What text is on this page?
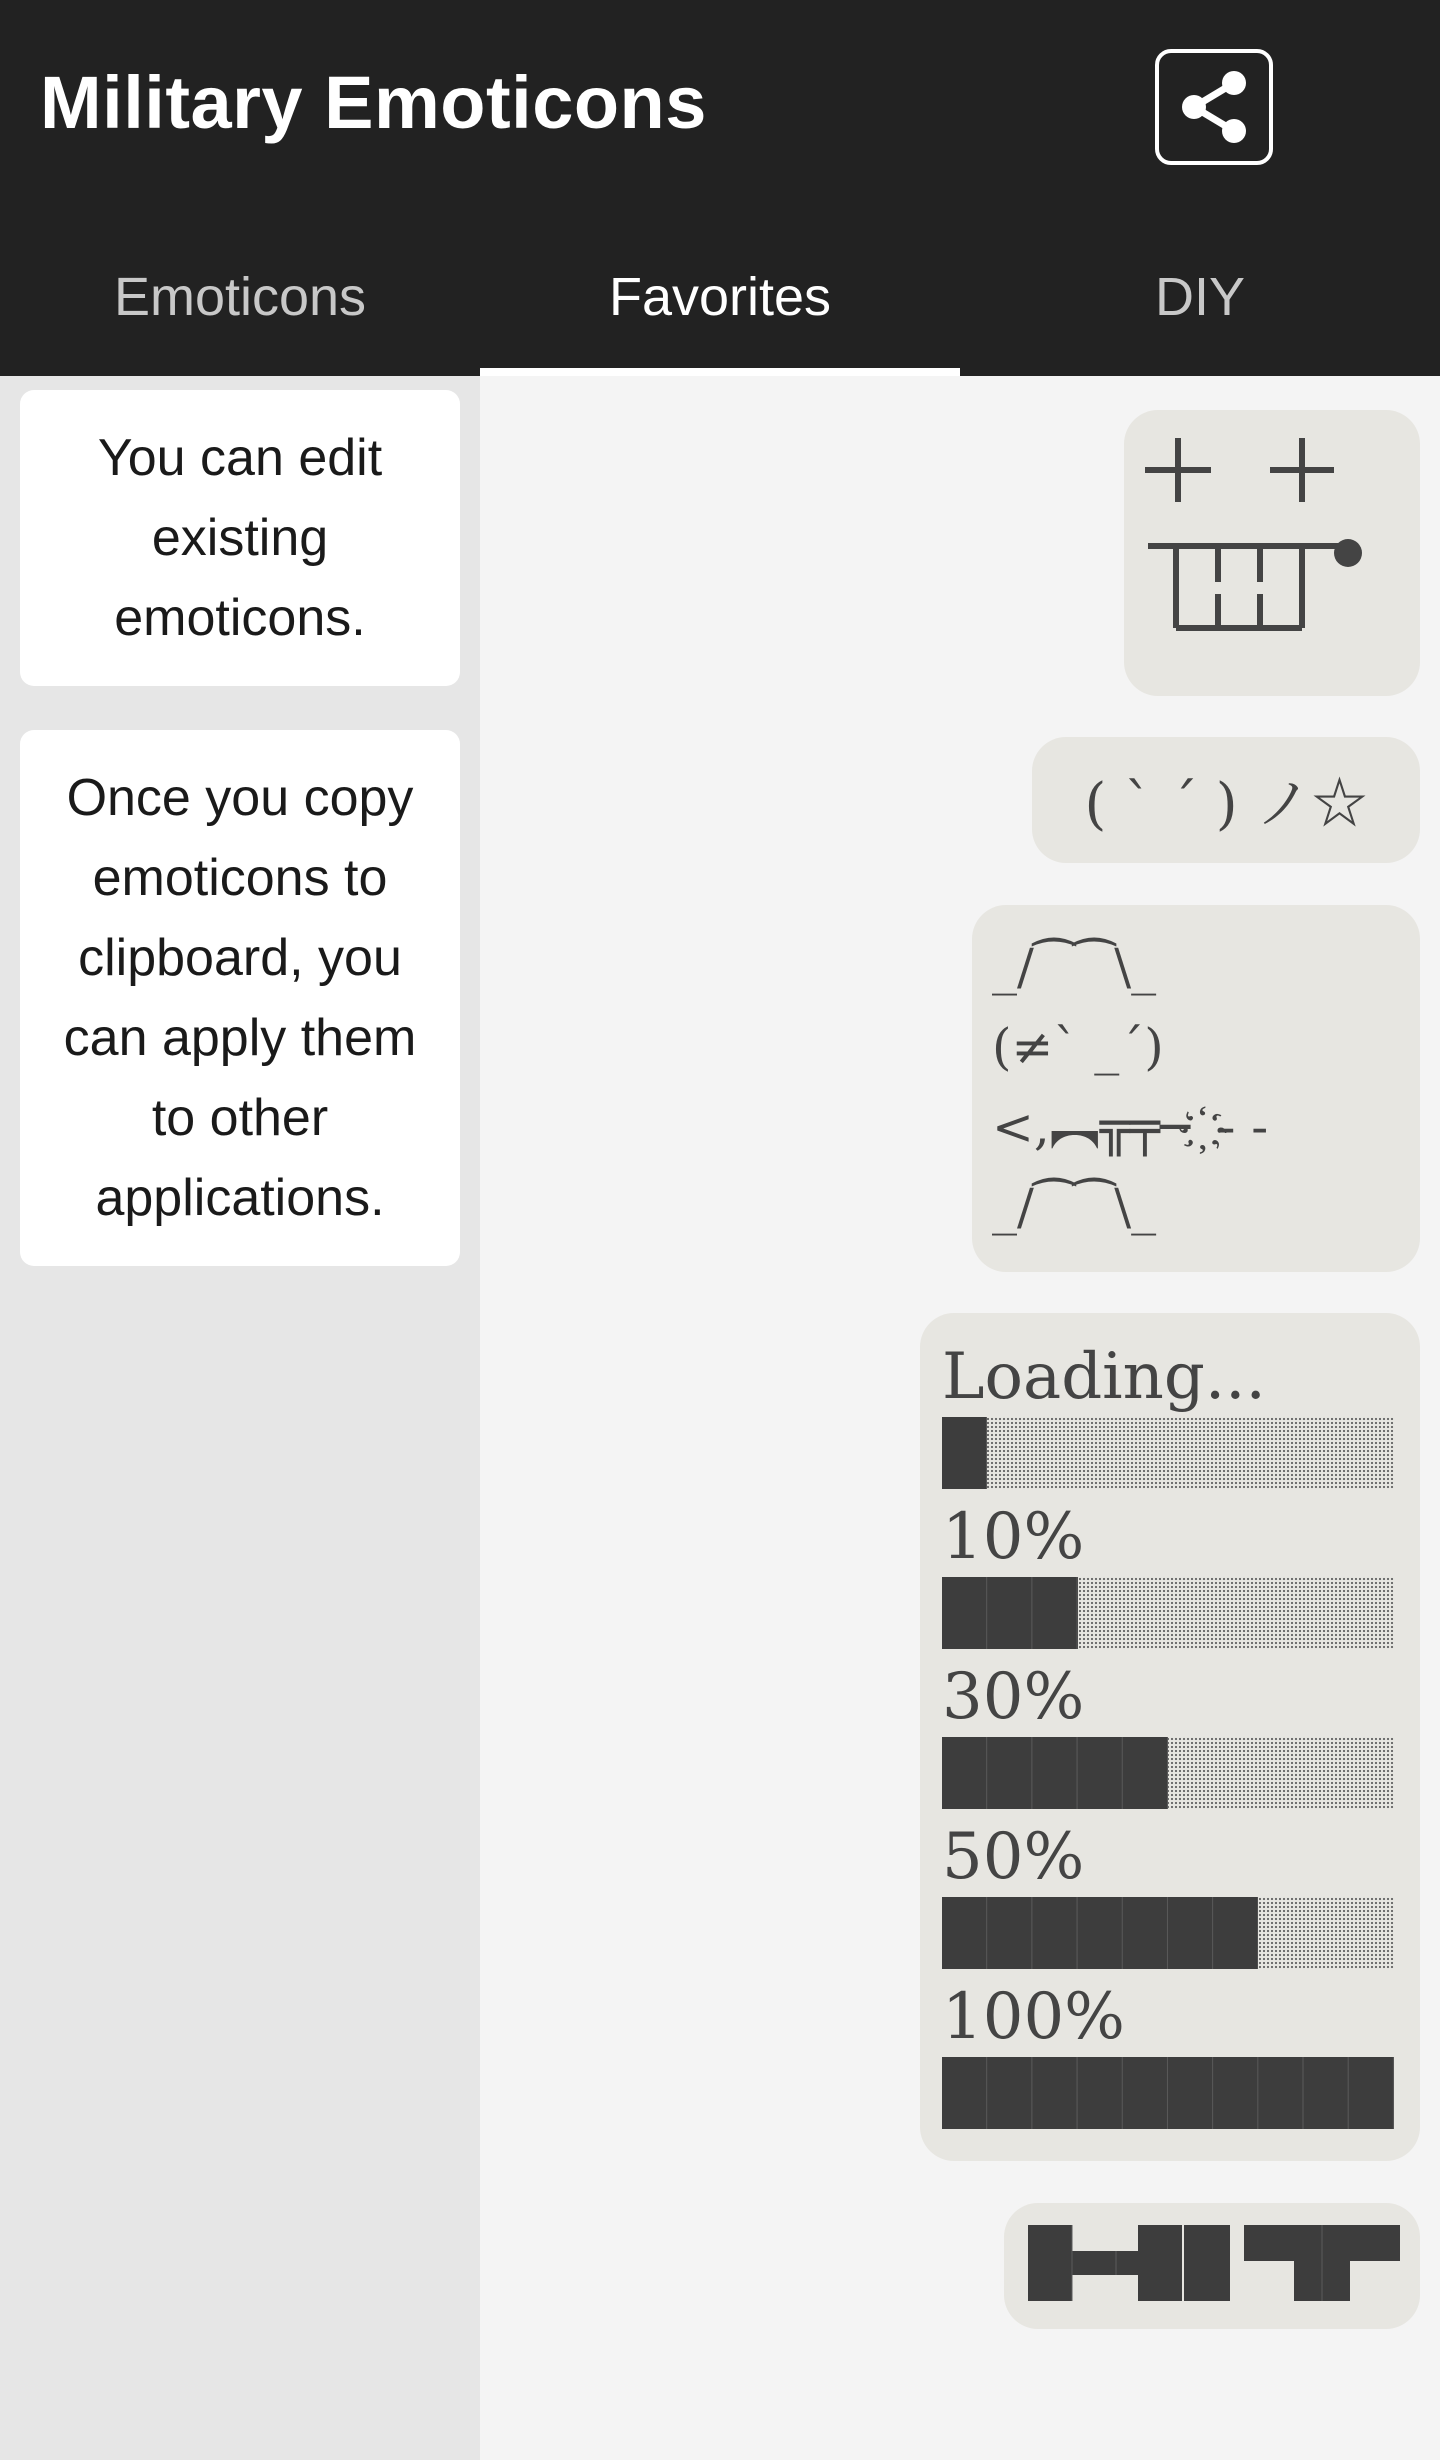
Military Emoticons
Emoticons	Favorites	DIY
You can edit existing emoticons.
Once you copy emoticons to clipboard, you can apply them to other applications.
( ` ´ ) ノ☆
_/⁀⁀\_
(≠` _´)
<,︻╦╤─ ҉ - -
_/⁀⁀\_
Loading...
10%
30%
50%
100%
